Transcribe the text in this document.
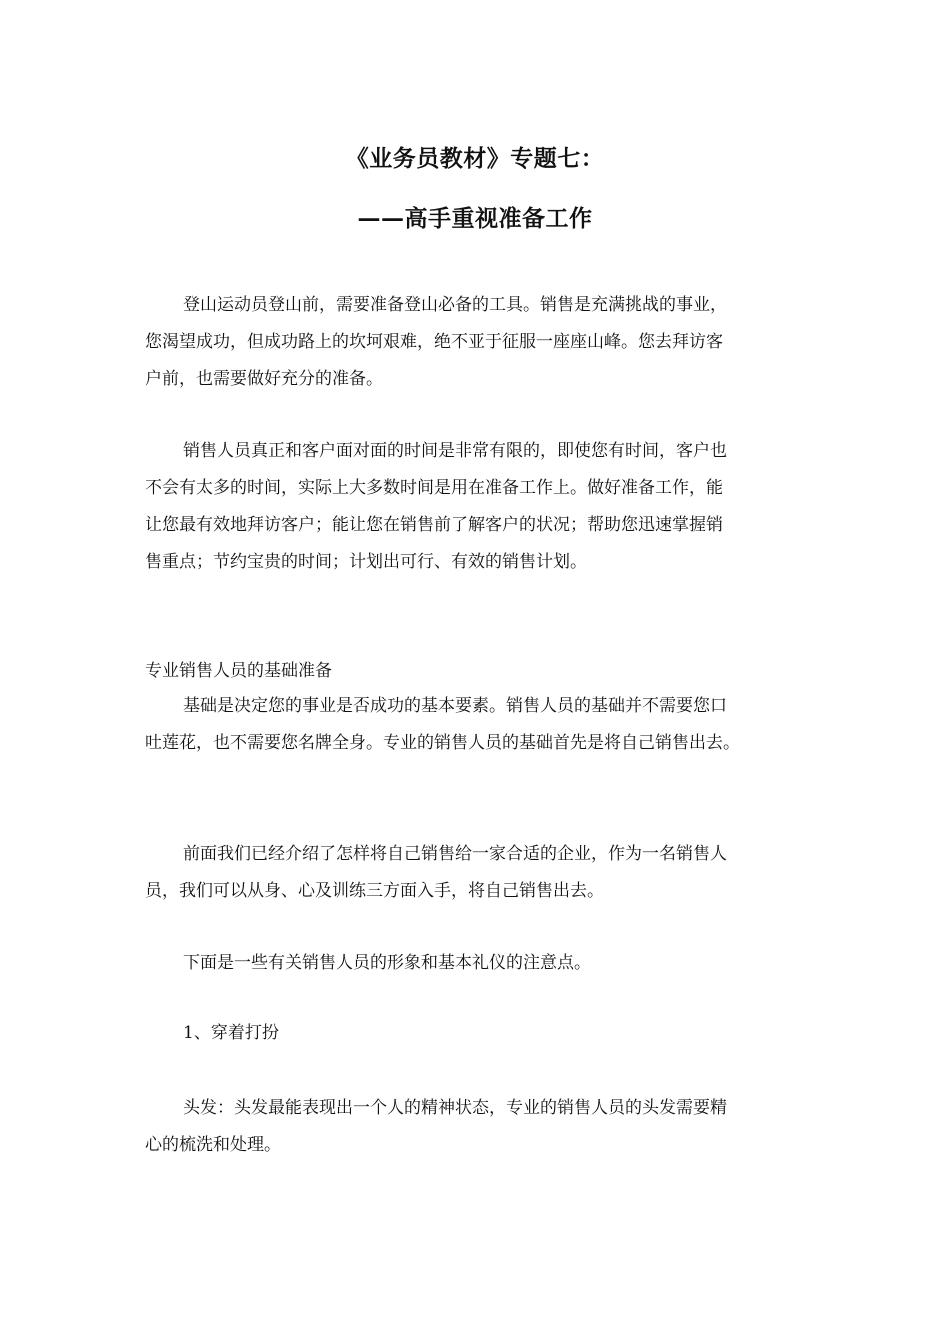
《业务员教材》专题七：
——高手重视准备工作
登山运动员登山前，需要准备登山必备的工具。销售是充满挑战的事业，
您渴望成功，但成功路上的坎坷艰难，绝不亚于征服一座座山峰。您去拜访客
户前，也需要做好充分的准备。
销售人员真正和客户面对面的时间是非常有限的，即使您有时间，客户也
不会有太多的时间，实际上大多数时间是用在准备工作上。做好准备工作，能
让您最有效地拜访客户；能让您在销售前了解客户的状况；帮助您迅速掌握销
售重点；节约宝贵的时间；计划出可行、有效的销售计划。
专业销售人员的基础准备
基础是决定您的事业是否成功的基本要素。销售人员的基础并不需要您口
吐莲花，也不需要您名牌全身。专业的销售人员的基础首先是将自己销售出去。
前面我们已经介绍了怎样将自己销售给一家合适的企业，作为一名销售人
员，我们可以从身、心及训练三方面入手，将自己销售出去。
下面是一些有关销售人员的形象和基本礼仪的注意点。
1、穿着打扮
头发：头发最能表现出一个人的精神状态，专业的销售人员的头发需要精
心的梳洗和处理。
